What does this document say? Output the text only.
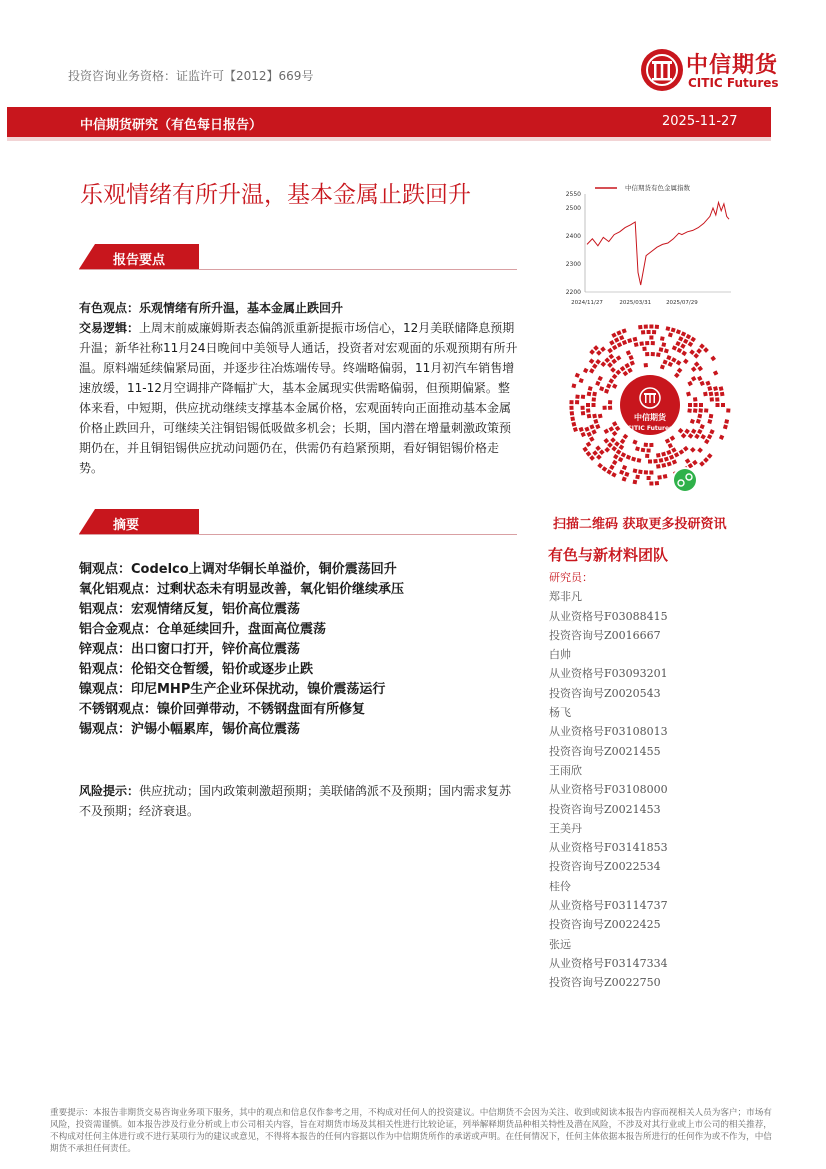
投资咨询业务资格：证监许可【2012】669号	中信期货
CITIC Futures
中信期货研究（有色每日报告）	2025-11-27
乐观情绪有所升温，基本金属止跌回升
报告要点
有色观点：乐观情绪有所升温，基本金属止跌回升
交易逻辑：上周末前威廉姆斯表态偏鸽派重新提振市场信心，12月美联储降息预期升温；新华社称11月24日晚间中美领导人通话，投资者对宏观面的乐观预期有所升温。原料端延续偏紧局面，并逐步往冶炼端传导。终端略偏弱，11月初汽车销售增速放缓，11-12月空调排产降幅扩大，基本金属现实供需略偏弱，但预期偏紧。整体来看，中短期，供应扰动继续支撑基本金属价格，宏观面转向正面推动基本金属价格止跌回升，可继续关注铜铝锡低吸做多机会；长期，国内潜在增量刺激政策预期仍在，并且铜铝锡供应扰动问题仍在，供需仍有趋紧预期，看好铜铝锡价格走势。
摘要
铜观点：Codelco上调对华铜长单溢价，铜价震荡回升
氧化铝观点：过剩状态未有明显改善，氧化铝价继续承压
铝观点：宏观情绪反复，铝价高位震荡
铝合金观点：仓单延续回升，盘面高位震荡
锌观点：出口窗口打开，锌价高位震荡
铅观点：伦铅交仓暂缓，铅价或逐步止跌
镍观点：印尼MHP生产企业环保扰动，镍价震荡运行
不锈钢观点：镍价回弹带动，不锈钢盘面有所修复
锡观点：沪锡小幅累库，锡价高位震荡
风险提示：供应扰动；国内政策刺激超预期；美联储鸽派不及预期；国内需求复苏不及预期；经济衰退。
中信期货有色金属指数
2200
2300
2400
2500
2550
2024/11/27	2025/03/31	2025/07/29
中信期货
CITIC Futures
扫描二维码 获取更多投研资讯
有色与新材料团队
研究员：
郑非凡
从业资格号F03088415
投资咨询号Z0016667
白帅
从业资格号F03093201
投资咨询号Z0020543
杨飞
从业资格号F03108013
投资咨询号Z0021455
王雨欣
从业资格号F03108000
投资咨询号Z0021453
王美丹
从业资格号F03141853
投资咨询号Z0022534
桂伶
从业资格号F03114737
投资咨询号Z0022425
张远
从业资格号F03147334
投资咨询号Z0022750
重要提示：本报告非期货交易咨询业务项下服务，其中的观点和信息仅作参考之用，不构成对任何人的投资建议。中信期货不会因为关注、收到或阅读本报告内容而视相关人员为客户；市场有风险，投资需谨慎。如本报告涉及行业分析或上市公司相关内容，旨在对期货市场及其相关性进行比较论证，列举解释期货品种相关特性及潜在风险，不涉及对其行业或上市公司的相关推荐，不构成对任何主体进行或不进行某项行为的建议或意见，不得将本报告的任何内容据以作为中信期货所作的承诺或声明。在任何情况下，任何主体依据本报告所进行的任何作为或不作为，中信期货不承担任何责任。
